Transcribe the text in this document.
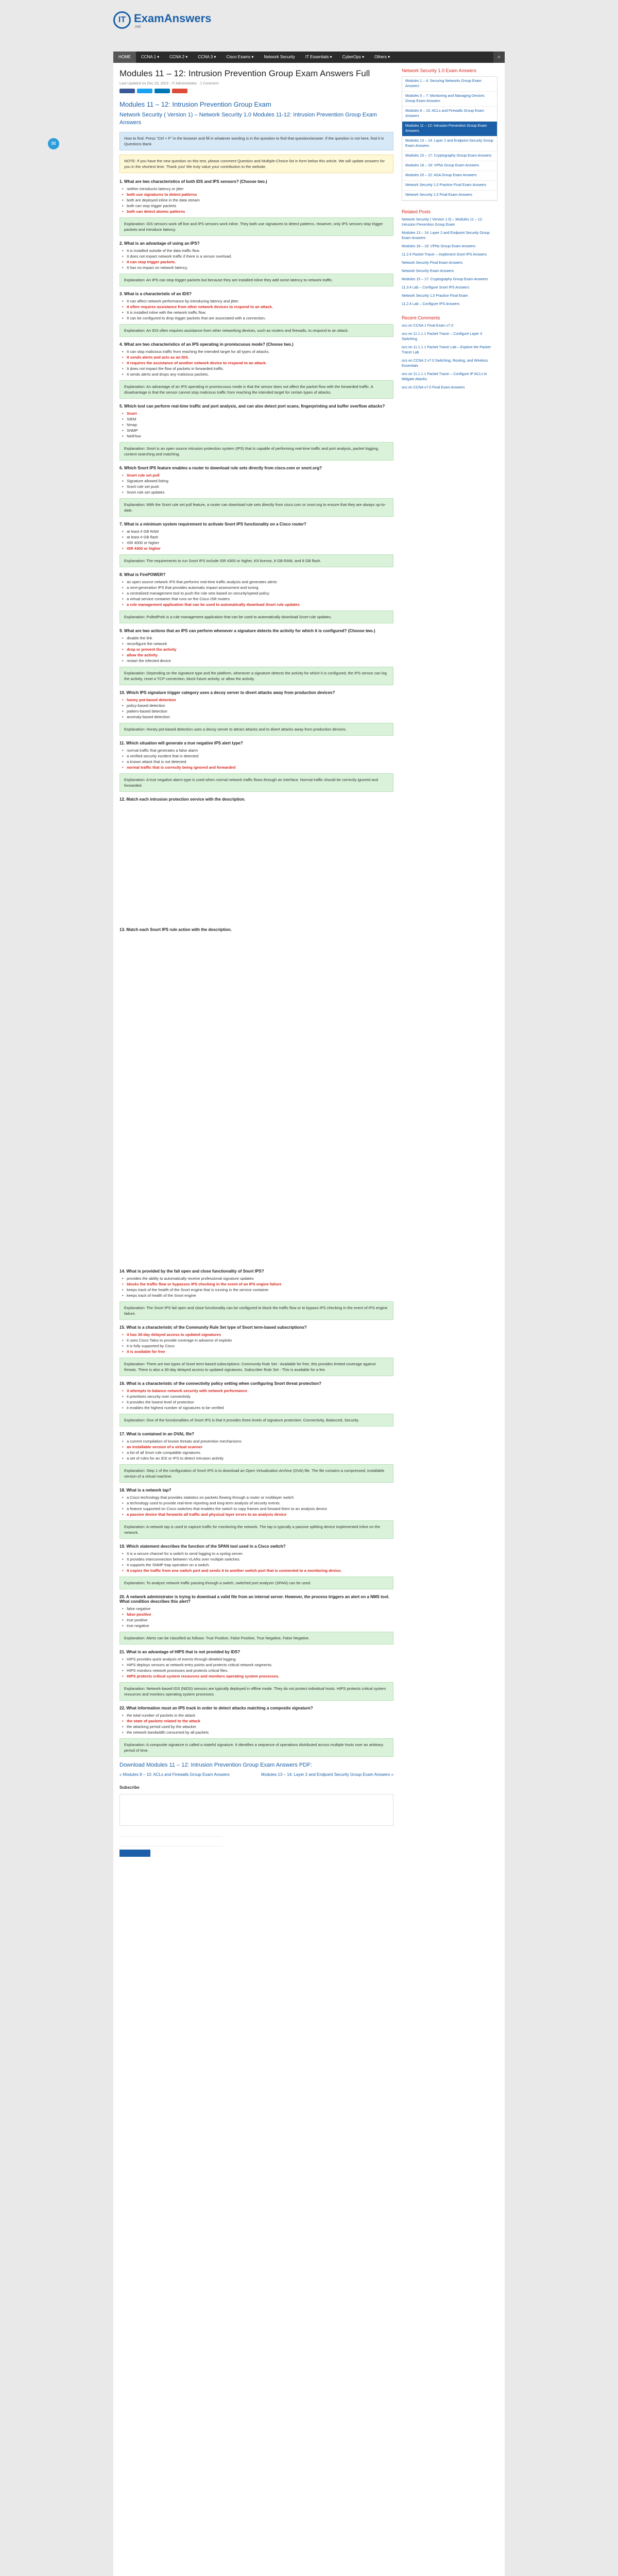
IT ExamAnswers
.net
HOME	CCNA 1 ▾	CCNA 2 ▾	CCNA 3 ▾	Cisco Exams ▾	Network Security	IT Essentials ▾	CyberOps ▾	Others ▾	⌕
✉
Modules 11 – 12: Intrusion Prevention Group Exam Answers Full
Last Updated on Dec 23, 2023 · IT Administrator · 1 Comment
Modules 11 – 12: Intrusion Prevention Group Exam
Network Security ( Version 1) – Network Security 1.0 Modules 11-12: Intrusion Prevention Group Exam Answers
How to find: Press “Ctrl + F” in the browser and fill in whatever wording is in the question to find that question/answer. If the question is not here, find it in Questions Bank.
NOTE: If you have the new question on this test, please comment Question and Multiple-Choice list in form below this article. We will update answers for you in the shortest time. Thank you! We truly value your contribution to the website.
1. What are two characteristics of both IDS and IPS sensors? (Choose two.)
• neither introduces latency or jitter
• both use signatures to detect patterns
• both are deployed inline in the data stream
• both can stop trigger packets
• both can detect atomic patterns
Explanation: IDS sensors work off line and IPS sensors work inline. They both use signatures to detect patterns. However, only IPS sensors stop trigger packets and introduce latency.
2. What is an advantage of using an IPS?
• It is installed outside of the data traffic flow.
• It does not impact network traffic if there is a sensor overload.
• It can stop trigger packets.
• It has no impact on network latency.
Explanation: An IPS can stop trigger packets but because they are installed inline they add some latency to network traffic.
3. What is a characteristic of an IDS?
• It can affect network performance by introducing latency and jitter.
• It often requires assistance from other network devices to respond to an attack.
• It is installed inline with the network traffic flow.
• It can be configured to drop trigger packets that are associated with a connection.
Explanation: An IDS often requires assistance from other networking devices, such as routers and firewalls, to respond to an attack.
4. What are two characteristics of an IPS operating in promiscuous mode? (Choose two.)
• It can stop malicious traffic from reaching the intended target for all types of attacks.
• It sends alerts and acts as an IDS.
• It requires the assistance of another network device to respond to an attack.
• It does not impact the flow of packets in forwarded traffic.
• It sends alerts and drops any malicious packets.
Explanation: An advantage of an IPS operating in promiscuous mode is that the sensor does not affect the packet flow with the forwarded traffic. A disadvantage is that the sensor cannot stop malicious traffic from reaching the intended target for certain types of attacks.
5. Which tool can perform real-time traffic and port analysis, and can also detect port scans, fingerprinting and buffer overflow attacks?
• Snort
• SIEM
• Nmap
• SNMP
• NetFlow
Explanation: Snort is an open source intrusion protection system (IPS) that is capable of performing real-time traffic and port analysis, packet logging, content searching and matching.
6. Which Snort IPS feature enables a router to download rule sets directly from cisco.com or snort.org?
• Snort rule set pull
• Signature allowed listing
• Snort rule set push
• Snort rule set updates
Explanation: With the Snort rule set pull feature, a router can download rule sets directly from cisco.com or snort.org to ensure that they are always up-to-date.
7. What is a minimum system requirement to activate Snort IPS functionality on a Cisco router?
• at least 4 GB RAM
• at least 4 GB flash
• ISR 4000 or higher
• ISR 4300 or higher
Explanation: The requirements to run Snort IPS include ISR 4300 or higher, K9 license, 8 GB RAM, and 8 GB flash.
8. What is FirePOWER?
• an open source network IPS that performs real-time traffic analysis and generates alerts
• a next-generation IPS that provides automatic impact assessment and tuning
• a centralized management tool to push the rule sets based on security/speed policy
• a virtual service container that runs on the Cisco ISR routers
• a rule management application that can be used to automatically download Snort rule updates
Explanation: PulledPork is a rule management application that can be used to automatically download Snort rule updates.
9. What are two actions that an IPS can perform whenever a signature detects the activity for which it is configured? (Choose two.)
• disable the link
• reconfigure the network
• drop or prevent the activity
• allow the activity
• restart the infected device
Explanation: Depending on the signature type and the platform, whenever a signature detects the activity for which it is configured, the IPS sensor can log the activity, reset a TCP connection, block future activity, or allow the activity.
10. Which IPS signature trigger category uses a decoy server to divert attacks away from production devices?
• honey pot-based detection
• policy-based detection
• pattern-based detection
• anomaly-based detection
Explanation: Honey pot-based detection uses a decoy server to attract attacks and to divert attacks away from production devices.
11. Which situation will generate a true negative IPS alert type?
• normal traffic that generates a false alarm
• a verified security incident that is detected
• a known attack that is not detected
• normal traffic that is correctly being ignored and forwarded
Explanation: A true negative alarm type is used when normal network traffic flows through an interface. Normal traffic should be correctly ignored and forwarded.
12. Match each intrusion protection service with the description.
13. Match each Snort IPS rule action with the description.
14. What is provided by the fail open and close functionality of Snort IPS?
• provides the ability to automatically receive professional signature updates
• blocks the traffic flow or bypasses IPS checking in the event of an IPS engine failure
• keeps track of the health of the Snort engine that is running in the service container
• keeps track of health of the Snort engine
Explanation: The Snort IPS fail open and close functionality can be configured to block the traffic flow or to bypass IPS checking in the event of IPS engine failure.
15. What is a characteristic of the Community Rule Set type of Snort term-based subscriptions?
• it has 30-day delayed access to updated signatures
• it uses Cisco Talos to provide coverage in advance of exploits
• it is fully supported by Cisco
• it is available for free
Explanation: There are two types of Snort term-based subscriptions: Community Rule Set - Available for free, this provides limited coverage against threats. There is also a 30-day delayed access to updated signatures. Subscriber Rule Set - This is available for a fee.
16. What is a characteristic of the connectivity policy setting when configuring Snort threat protection?
• it attempts to balance network security with network performance
• it prioritizes security over connectivity
• it provides the lowest level of protection
• it enables the highest number of signatures to be verified
Explanation: One of the functionalities of Snort IPS is that it provides three levels of signature protection: Connectivity, Balanced, Security.
17. What is contained in an OVAL file?
• a current compilation of known threats and prevention mechanisms
• an installable version of a virtual scanner
• a list of all Snort rule compatible signatures
• a set of rules for an IDS or IPS to detect intrusion activity
Explanation: Step 1 of the configuration of Snort IPS is to download an Open Virtualization Archive (OVA) file. The file contains a compressed, installable version of a virtual machine.
18. What is a network tap?
• a Cisco technology that provides statistics on packets flowing through a router or multilayer switch
• a technology used to provide real-time reporting and long-term analysis of security events
• a feature supported on Cisco switches that enables the switch to copy frames and forward them to an analysis device
• a passive device that forwards all traffic and physical layer errors to an analysis device
Explanation: A network tap is used to capture traffic for monitoring the network. The tap is typically a passive splitting device implemented inline on the network.
19. Which statement describes the function of the SPAN tool used in a Cisco switch?
• It is a secure channel for a switch to send logging to a syslog server.
• It provides interconnection between VLANs over multiple switches.
• It supports the SNMP trap operation on a switch.
• It copies the traffic from one switch port and sends it to another switch port that is connected to a monitoring device.
Explanation: To analyze network traffic passing through a switch, switched port analyzer (SPAN) can be used.
20. A network administrator is trying to download a valid file from an internal server. However, the process triggers an alert on a NMS tool. What condition describes this alert?
• false negative
• false positive
• true positive
• true negative
Explanation: Alerts can be classified as follows: True Positive, False Positive, True Negative, False Negative.
21. What is an advantage of HIPS that is not provided by IDS?
• HIPS provides quick analysis of events through detailed logging.
• HIPS deploys sensors at network entry points and protects critical network segments.
• HIPS monitors network processes and protects critical files.
• HIPS protects critical system resources and monitors operating system processes.
Explanation: Network-based IDS (NIDS) sensors are typically deployed in offline mode. They do not protect individual hosts. HIPS protects critical system resources and monitors operating system processes.
22. What information must an IPS track in order to detect attacks matching a composite signature?
• the total number of packets in the attack
• the state of packets related to the attack
• the attacking period used by the attacker
• the network bandwidth consumed by all packets
Explanation: A composite signature is called a stateful signature. It identifies a sequence of operations distributed across multiple hosts over an arbitrary period of time.
Download Modules 11 – 12: Intrusion Prevention Group Exam Answers PDF:
« Modules 8 – 10: ACLs and Firewalls Group Exam Answers	Modules 13 – 14: Layer 2 and Endpoint Security Group Exam Answers »
Subscribe
Network Security 1.0 Exam Answers
Modules 1 – 4: Securing Networks Group Exam Answers
Modules 5 – 7: Monitoring and Managing Devices Group Exam Answers
Modules 8 – 10: ACLs and Firewalls Group Exam Answers
Modules 11 – 12: Intrusion Prevention Group Exam Answers
Modules 13 – 14: Layer 2 and Endpoint Security Group Exam Answers
Modules 15 – 17: Cryptography Group Exam Answers
Modules 18 – 19: VPNs Group Exam Answers
Modules 20 – 22: ASA Group Exam Answers
Network Security 1.0 Practice Final Exam Answers
Network Security 1.0 Final Exam Answers
Related Posts
Network Security ( Version 1.0) – Modules 11 – 12: Intrusion Prevention Group Exam
Modules 13 – 14: Layer 2 and Endpoint Security Group Exam Answers
Modules 18 – 19: VPNs Group Exam Answers
11.2.4 Packet Tracer – Implement Snort IPS Answers
Network Security Final Exam Answers
Network Security Exam Answers
Modules 15 – 17: Cryptography Group Exam Answers
11.3.4 Lab – Configure Snort IPS Answers
Network Security 1.0 Practice Final Exam
11.2.4 Lab – Configure IPS Answers
Recent Comments
ocs on CCNA 1 Final Exam v7.0
ocs on 11.1.1.1 Packet Tracer – Configure Layer 3 Switching
ocs on 11.1.1.1 Packet Tracer Lab – Explore the Packet Tracer Lab
ocs on CCNA 2 v7.0 Switching, Routing, and Wireless Essentials
ocs on 11.1.1.1 Packet Tracer – Configure IP ACLs to Mitigate Attacks
ocs on CCNA v7.0 Final Exam Answers
